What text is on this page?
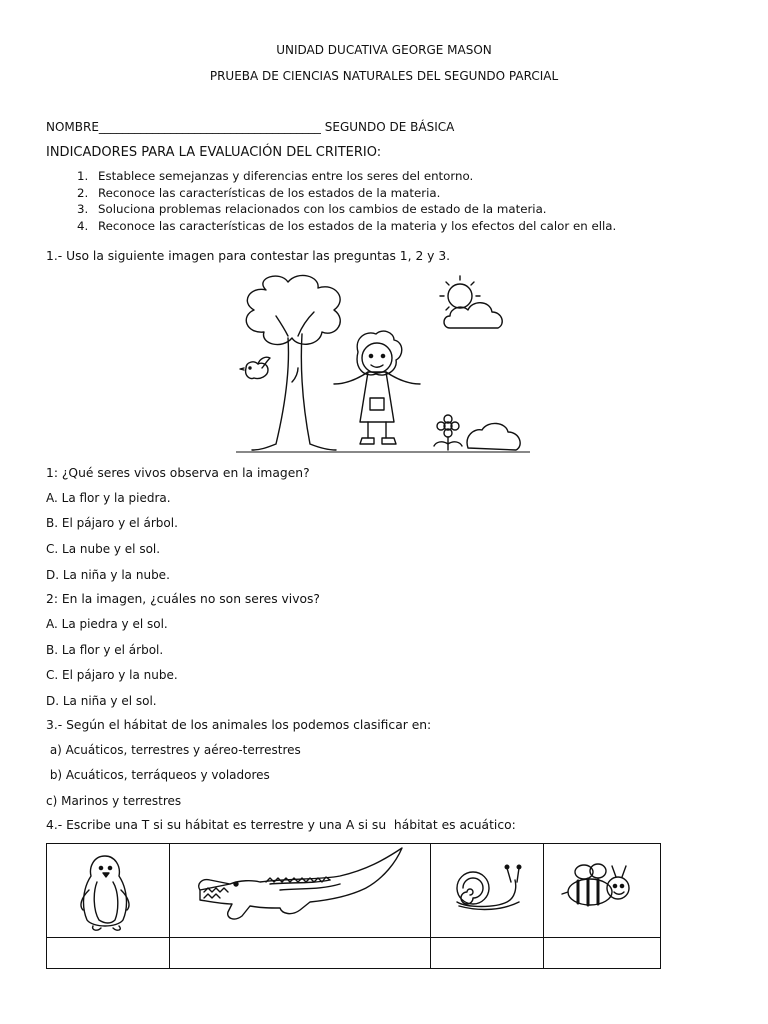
UNIDAD DUCATIVA GEORGE MASON
PRUEBA DE CIENCIAS NATURALES DEL SEGUNDO PARCIAL
NOMBRE_____________________________________ SEGUNDO DE BÁSICA
INDICADORES PARA LA EVALUACIÓN DEL CRITERIO:
1. Establece semejanzas y diferencias entre los seres del entorno.
2. Reconoce las características de los estados de la materia.
3. Soluciona problemas relacionados con los cambios de estado de la materia.
4. Reconoce las características de los estados de la materia y los efectos del calor en ella.
1.- Uso la siguiente imagen para contestar las preguntas 1, 2 y 3.
1: ¿Qué seres vivos observa en la imagen?
A. La flor y la piedra.
B. El pájaro y el árbol.
C. La nube y el sol.
D. La niña y la nube.
2: En la imagen, ¿cuáles no son seres vivos?
A. La piedra y el sol.
B. La flor y el árbol.
C. El pájaro y la nube.
D. La niña y el sol.
3.- Según el hábitat de los animales los podemos clasificar en:
a) Acuáticos, terrestres y aéreo-terrestres
b) Acuáticos, terráqueos y voladores
c) Marinos y terrestres
4.- Escribe una T si su hábitat es terrestre y una A si su  hábitat es acuático:
